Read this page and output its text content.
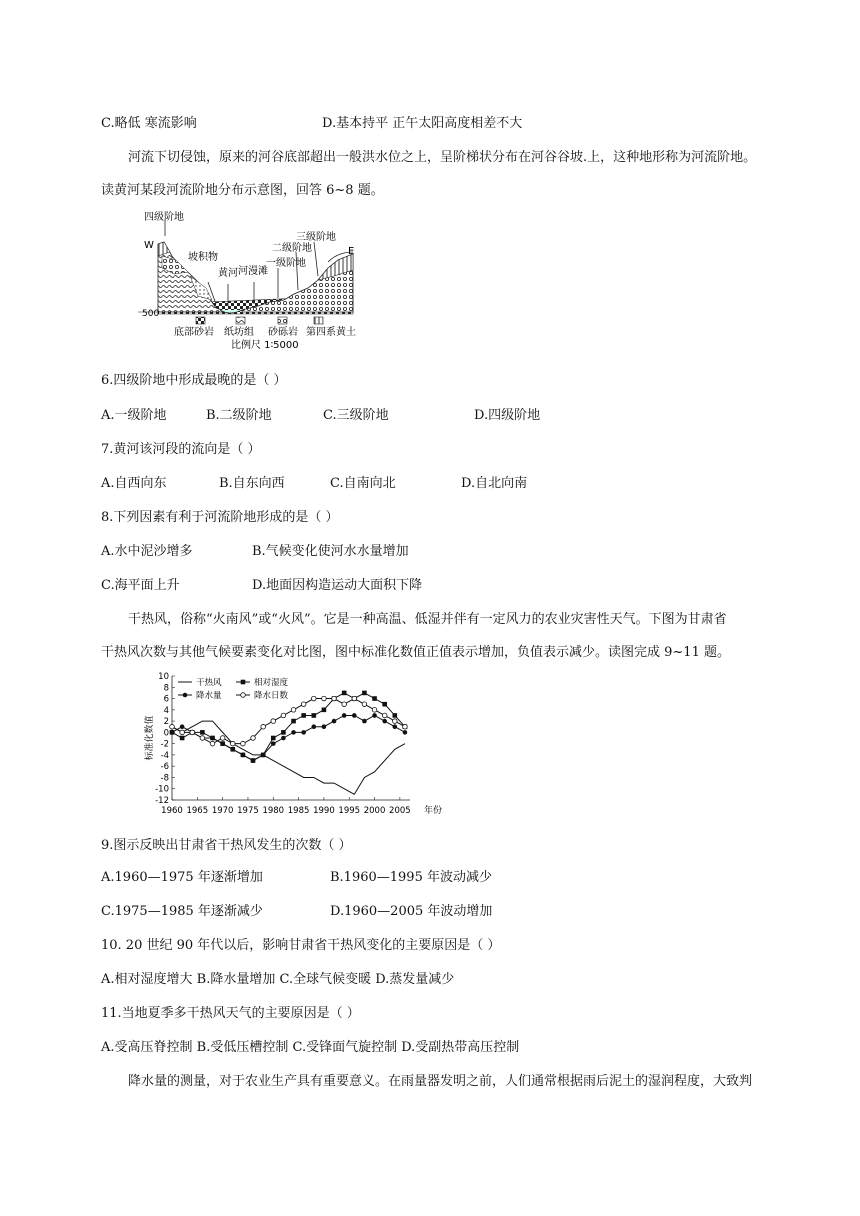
C.略低 寒流影响	D.基本持平 正午太阳高度相差不大
河流下切侵蚀，原来的河谷底部超出一般洪水位之上，呈阶梯状分布在河谷谷坡.上，这种地形称为河流阶地。
读黄河某段河流阶地分布示意图，回答 6~8 题。
四级阶地
W
坡积物
黄河 河漫滩
一级阶地
二级阶地
三级阶地
E
500
底部砂岩 纸坊组 砂砾岩 第四系黄土
比例尺 1∶5000
6.四级阶地中形成最晚的是（ ）
A.一级阶地	B.二级阶地	C.三级阶地	D.四级阶地
7.黄河该河段的流向是（ ）
A.自西向东	B.自东向西	C.自南向北	D.自北向南
8.下列因素有利于河流阶地形成的是（ ）
A.水中泥沙增多	B.气候变化使河水水量增加
C.海平面上升	D.地面因构造运动大面积下降
干热风，俗称“火南风”或“火风”。它是一种高温、低湿并伴有一定风力的农业灾害性天气。下图为甘肃省
干热风次数与其他气候要素变化对比图，图中标准化数值正值表示增加，负值表示减少。读图完成 9~11 题。
10
8
6
4
2
0
-2
-4
-6
-8
-10
-12
1960 1965 1970 1975 1980 1985 1990 1995 2000 2005
标准化数值
年份
干热风	相对湿度
降水量	降水日数
9.图示反映出甘肃省干热风发生的次数（ ）
A.1960—1975 年逐渐增加	B.1960—1995 年波动减少
C.1975—1985 年逐渐减少	D.1960—2005 年波动增加
10. 20 世纪 90 年代以后，影响甘肃省干热风变化的主要原因是（ ）
A.相对湿度增大 B.降水量增加 C.全球气候变暖 D.蒸发量减少
11.当地夏季多干热风天气的主要原因是（ ）
A.受高压脊控制 B.受低压槽控制 C.受锋面气旋控制 D.受副热带高压控制
降水量的测量，对于农业生产具有重要意义。在雨量器发明之前，人们通常根据雨后泥土的湿润程度，大致判
